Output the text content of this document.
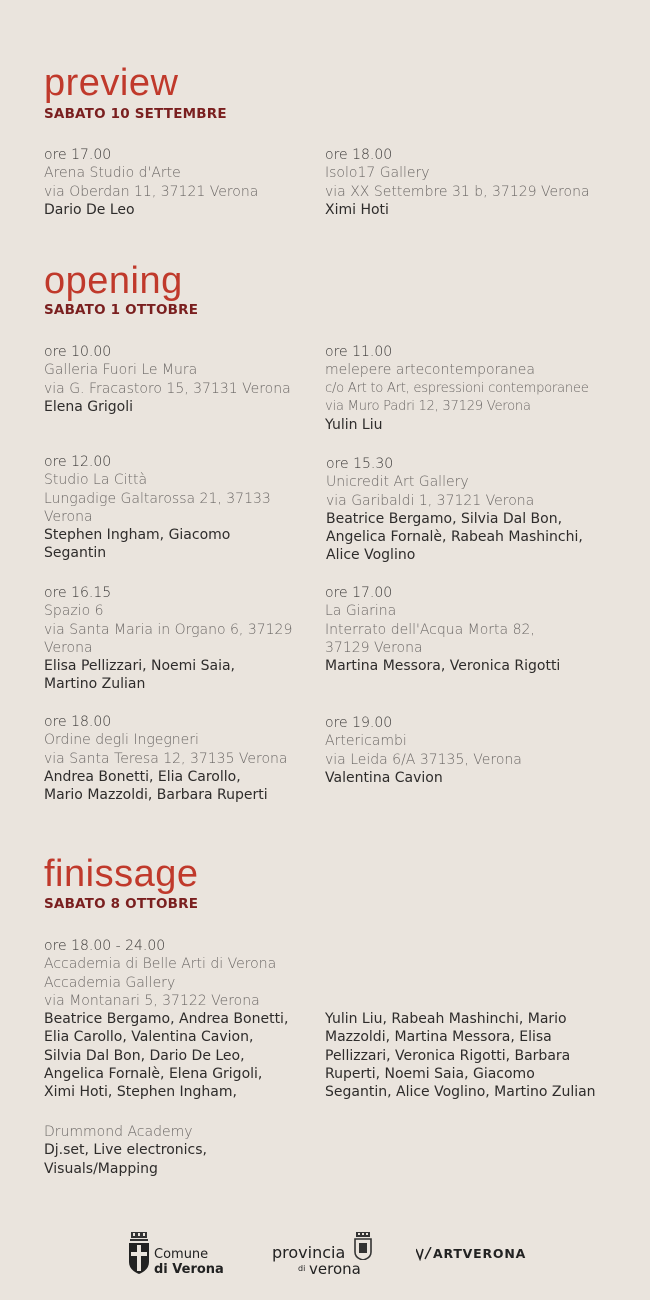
preview
SABATO 10 SETTEMBRE
ore 17.00
Arena Studio d'Arte
via Oberdan 11, 37121 Verona
Dario De Leo
ore 18.00
Isolo17 Gallery
via XX Settembre 31 b, 37129 Verona
Ximi Hoti
opening
SABATO 1 OTTOBRE
ore 10.00
Galleria Fuori Le Mura
via G. Fracastoro 15, 37131 Verona
Elena Grigoli
ore 11.00
melepere artecontemporanea
c/o Art to Art, espressioni contemporanee
via Muro Padri 12, 37129 Verona
Yulin Liu
ore 12.00
Studio La Città
Lungadige Galtarossa 21, 37133
Verona
Stephen Ingham, Giacomo
Segantin
ore 15.30
Unicredit Art Gallery
via Garibaldi 1, 37121 Verona
Beatrice Bergamo, Silvia Dal Bon,
Angelica Fornalè, Rabeah Mashinchi,
Alice Voglino
ore 16.15
Spazio 6
via Santa Maria in Organo 6, 37129
Verona
Elisa Pellizzari, Noemi Saia,
Martino Zulian
ore 17.00
La Giarina
Interrato dell'Acqua Morta 82,
37129 Verona
Martina Messora, Veronica Rigotti
ore 18.00
Ordine degli Ingegneri
via Santa Teresa 12, 37135 Verona
Andrea Bonetti, Elia Carollo,
Mario Mazzoldi, Barbara Ruperti
ore 19.00
Artericambi
via Leida 6/A 37135, Verona
Valentina Cavion
finissage
SABATO 8 OTTOBRE
ore 18.00 - 24.00
Accademia di Belle Arti di Verona
Accademia Gallery
via Montanari 5, 37122 Verona
Beatrice Bergamo, Andrea Bonetti,
Elia Carollo, Valentina Cavion,
Silvia Dal Bon, Dario De Leo,
Angelica Fornalè, Elena Grigoli,
Ximi Hoti, Stephen Ingham,
Yulin Liu, Rabeah Mashinchi, Mario
Mazzoldi, Martina Messora, Elisa
Pellizzari, Veronica Rigotti, Barbara
Ruperti, Noemi Saia, Giacomo
Segantin, Alice Voglino, Martino Zulian
Drummond Academy
Dj.set, Live electronics,
Visuals/Mapping
Comune
di Verona
provincia
di verona
ARTVERONA
